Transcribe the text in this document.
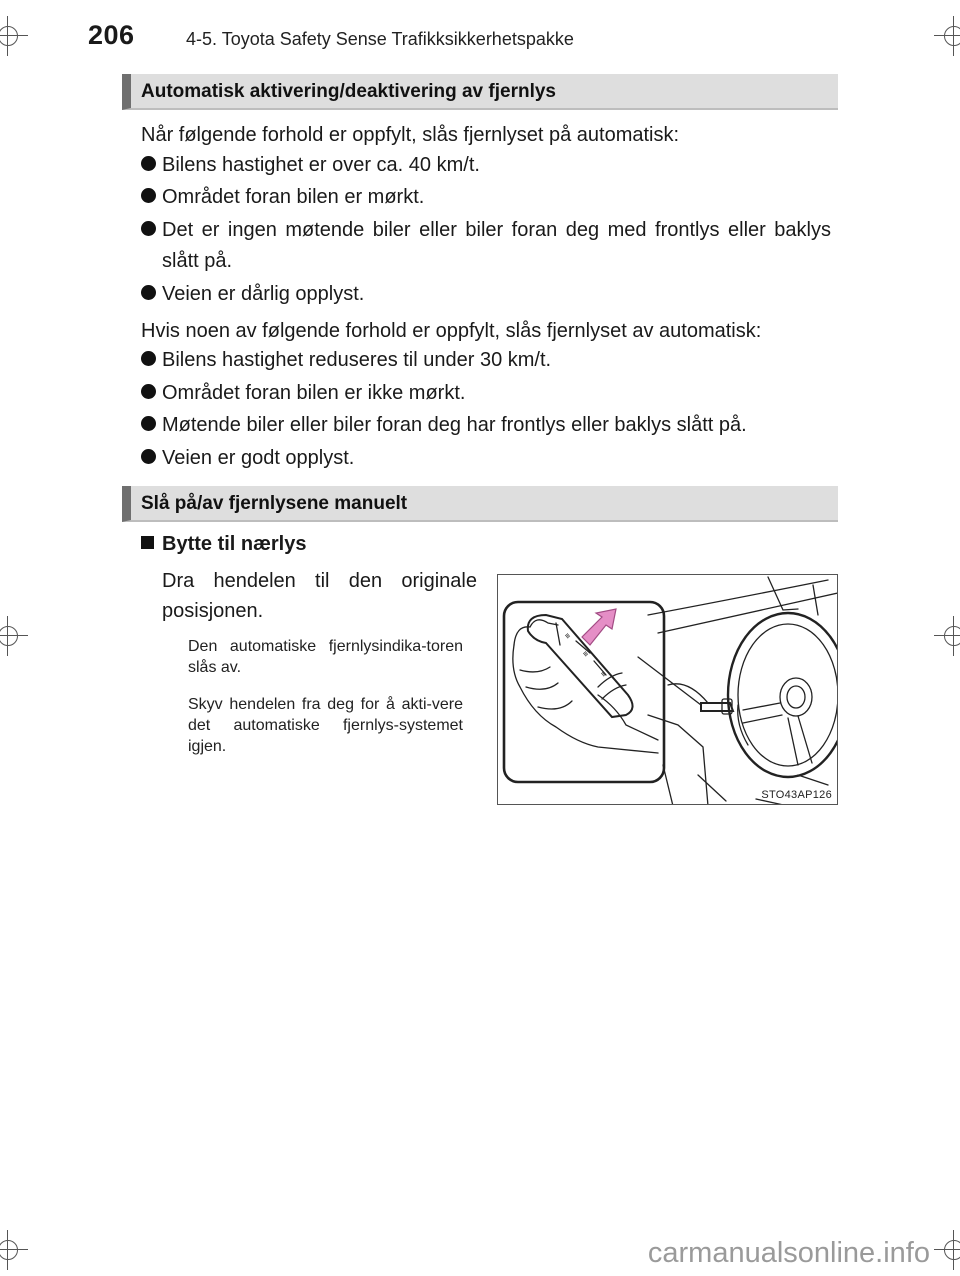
206	4-5. Toyota Safety Sense Trafikksikkerhetspakke
Automatisk aktivering/deaktivering av fjernlys
Når følgende forhold er oppfylt, slås fjernlyset på automatisk:
Bilens hastighet er over ca. 40 km/t.
Området foran bilen er mørkt.
Det er ingen møtende biler eller biler foran deg med frontlys eller baklys slått på.
Veien er dårlig opplyst.
Hvis noen av følgende forhold er oppfylt, slås fjernlyset av automatisk:
Bilens hastighet reduseres til under 30 km/t.
Området foran bilen er ikke mørkt.
Møtende biler eller biler foran deg har frontlys eller baklys slått på.
Veien er godt opplyst.
Slå på/av fjernlysene manuelt
Bytte til nærlys
Dra hendelen til den originale posisjonen.
Den automatiske fjernlysindika-toren slås av.
Skyv hendelen fra deg for å akti-vere det automatiske fjernlys-systemet igjen.
≡
≡
≡
STO43AP126
carmanualsonline.info
